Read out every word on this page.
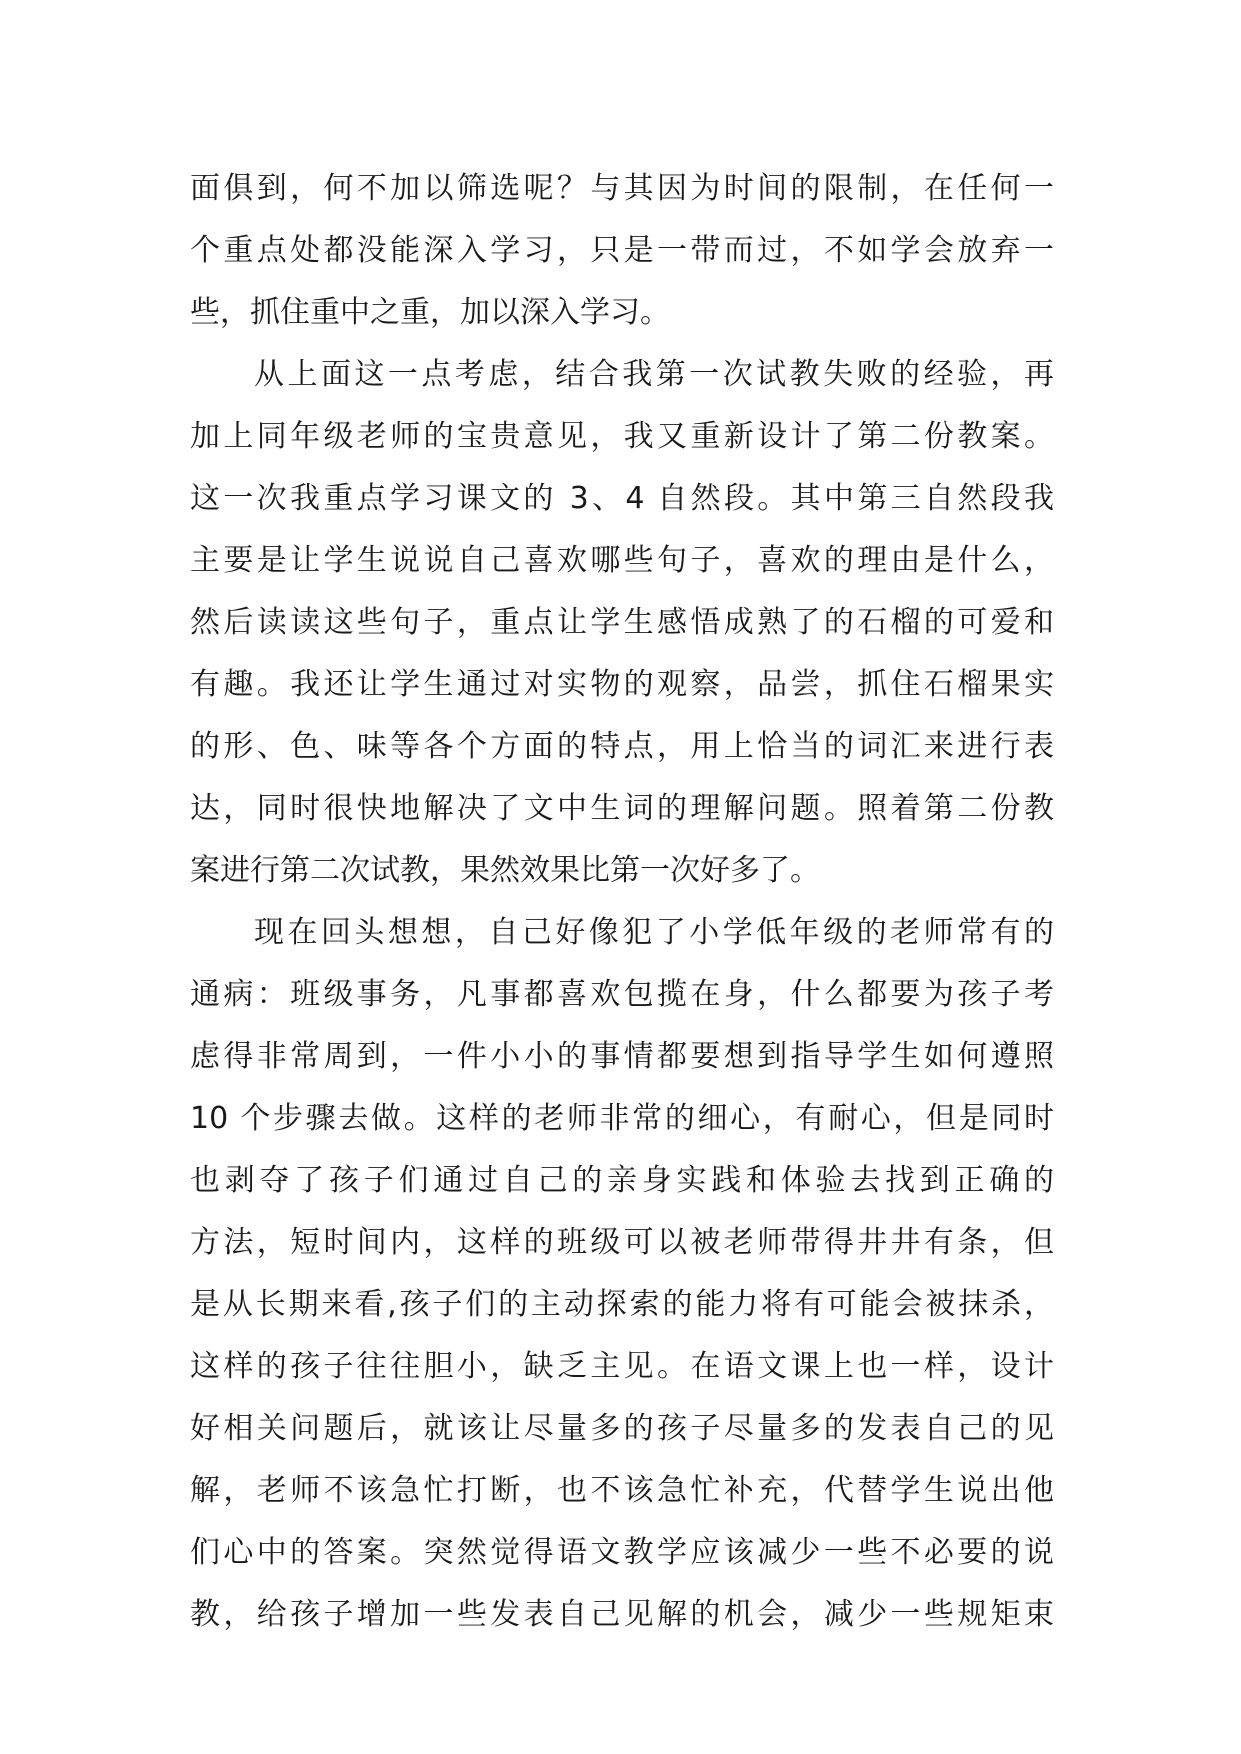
面俱到，何不加以筛选呢？与其因为时间的限制，在任何一
个重点处都没能深入学习，只是一带而过，不如学会放弃一
些，抓住重中之重，加以深入学习。
从上面这一点考虑，结合我第一次试教失败的经验，再
加上同年级老师的宝贵意见，我又重新设计了第二份教案。
这一次我重点学习课文的 3、4 自然段。其中第三自然段我
主要是让学生说说自己喜欢哪些句子，喜欢的理由是什么，
然后读读这些句子，重点让学生感悟成熟了的石榴的可爱和
有趣。我还让学生通过对实物的观察，品尝，抓住石榴果实
的形、色、味等各个方面的特点，用上恰当的词汇来进行表
达，同时很快地解决了文中生词的理解问题。照着第二份教
案进行第二次试教，果然效果比第一次好多了。
现在回头想想，自己好像犯了小学低年级的老师常有的
通病：班级事务，凡事都喜欢包揽在身，什么都要为孩子考
虑得非常周到，一件小小的事情都要想到指导学生如何遵照
10 个步骤去做。这样的老师非常的细心，有耐心，但是同时
也剥夺了孩子们通过自己的亲身实践和体验去找到正确的
方法，短时间内，这样的班级可以被老师带得井井有条，但
是从长期来看,孩子们的主动探索的能力将有可能会被抹杀，
这样的孩子往往胆小，缺乏主见。在语文课上也一样，设计
好相关问题后，就该让尽量多的孩子尽量多的发表自己的见
解，老师不该急忙打断，也不该急忙补充，代替学生说出他
们心中的答案。突然觉得语文教学应该减少一些不必要的说
教，给孩子增加一些发表自己见解的机会，减少一些规矩束
